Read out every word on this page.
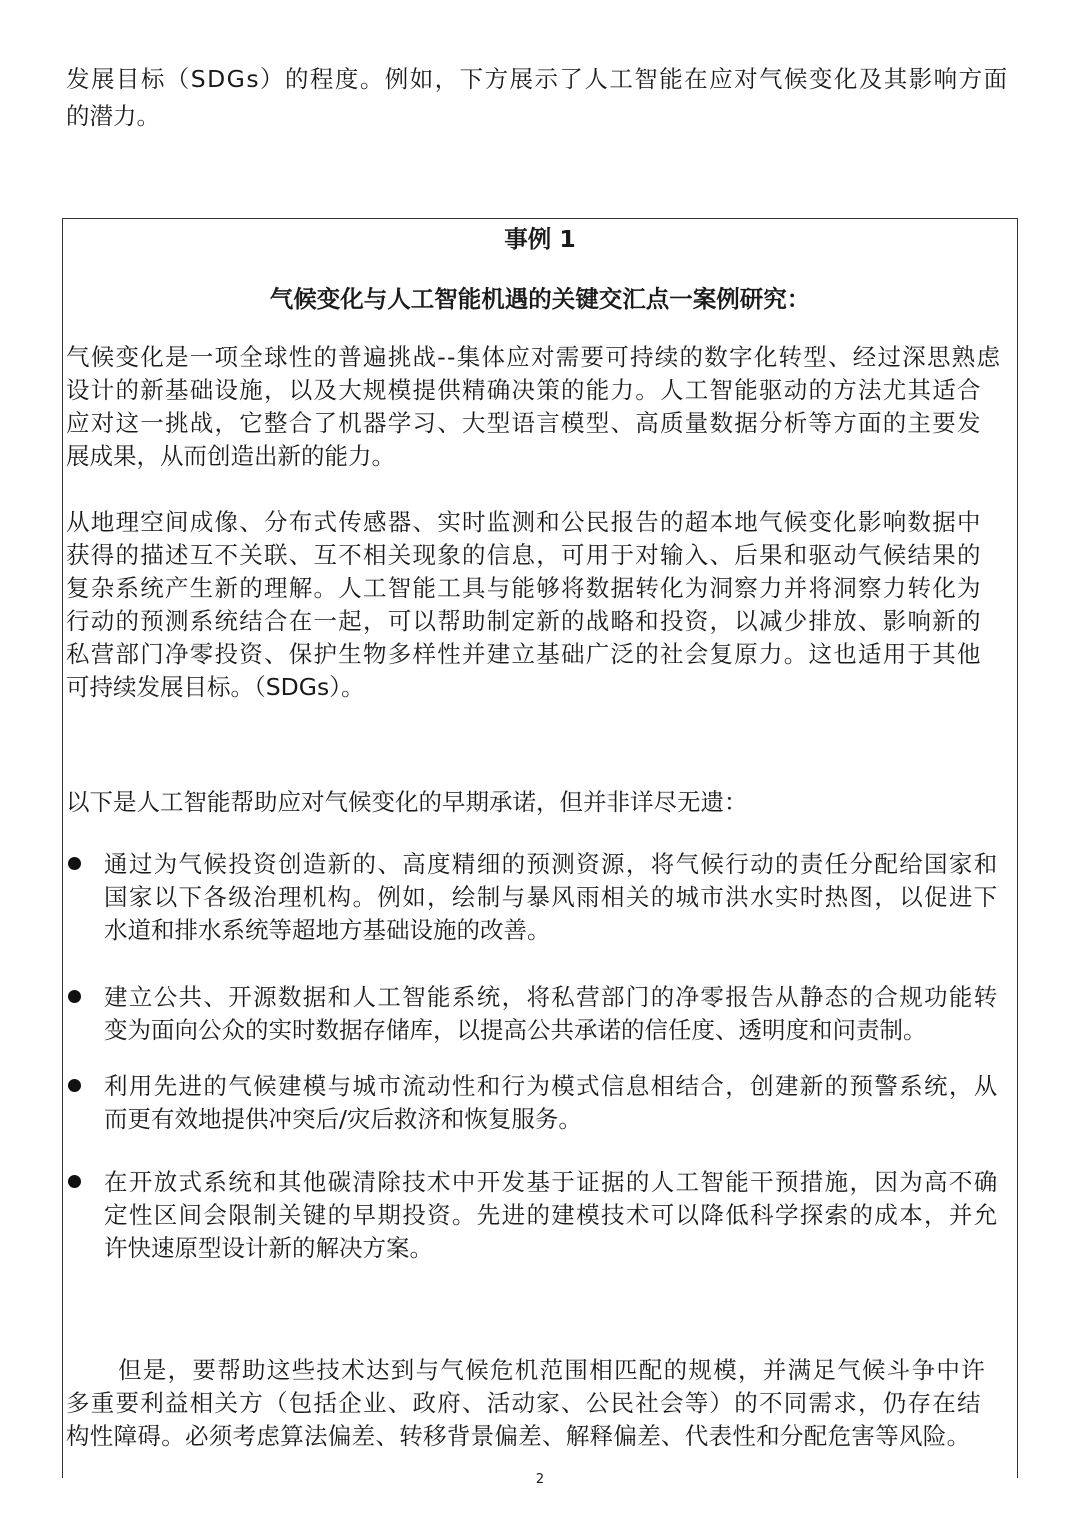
发展目标（SDGs）的程度。例如，下方展示了人工智能在应对气候变化及其影响方面

的潜力。

事例 1
气候变化与人工智能机遇的关键交汇点一案例研究：

气候变化是一项全球性的普遍挑战--集体应对需要可持续的数字化转型、经过深思熟虑

设计的新基础设施，以及大规模提供精确决策的能力。人工智能驱动的方法尤其适合

应对这一挑战，它整合了机器学习、大型语言模型、高质量数据分析等方面的主要发

展成果，从而创造出新的能力。

从地理空间成像、分布式传感器、实时监测和公民报告的超本地气候变化影响数据中

获得的描述互不关联、互不相关现象的信息，可用于对输入、后果和驱动气候结果的

复杂系统产生新的理解。人工智能工具与能够将数据转化为洞察力并将洞察力转化为

行动的预测系统结合在一起，可以帮助制定新的战略和投资，以减少排放、影响新的

私营部门净零投资、保护生物多样性并建立基础广泛的社会复原力。这也适用于其他

可持续发展目标。（SDGs）。

以下是人工智能帮助应对气候变化的早期承诺，但并非详尽无遗：

通过为气候投资创造新的、高度精细的预测资源，将气候行动的责任分配给国家和

国家以下各级治理机构。例如，绘制与暴风雨相关的城市洪水实时热图，以促进下

水道和排水系统等超地方基础设施的改善。

建立公共、开源数据和人工智能系统，将私营部门的净零报告从静态的合规功能转

变为面向公众的实时数据存储库，以提高公共承诺的信任度、透明度和问责制。

利用先进的气候建模与城市流动性和行为模式信息相结合，创建新的预警系统，从

而更有效地提供冲突后/灾后救济和恢复服务。

在开放式系统和其他碳清除技术中开发基于证据的人工智能干预措施，因为高不确

定性区间会限制关键的早期投资。先进的建模技术可以降低科学探索的成本，并允

许快速原型设计新的解决方案。

但是，要帮助这些技术达到与气候危机范围相匹配的规模，并满足气候斗争中许

多重要利益相关方（包括企业、政府、活动家、公民社会等）的不同需求，仍存在结

构性障碍。必须考虑算法偏差、转移背景偏差、解释偏差、代表性和分配危害等风险。

2
